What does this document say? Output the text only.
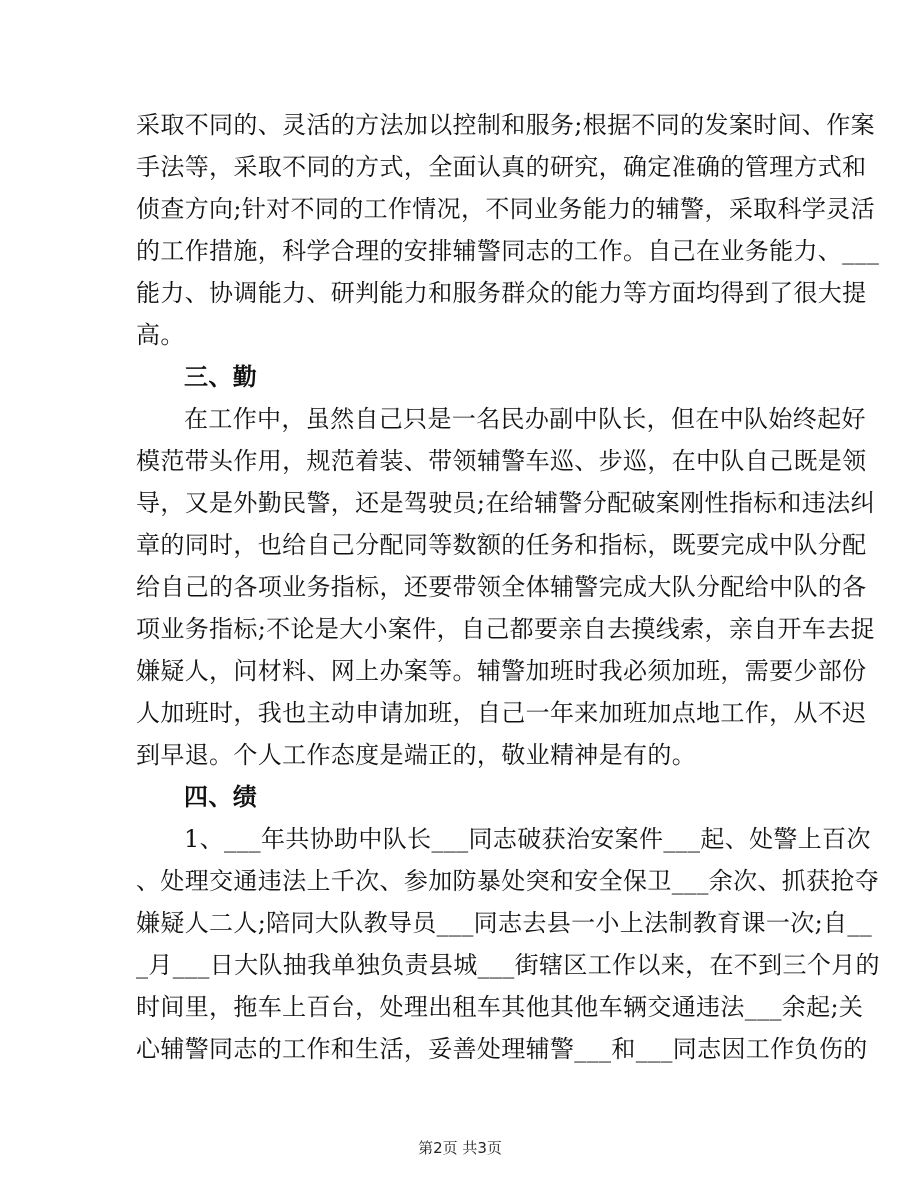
采取不同的、灵活的方法加以控制和服务;根据不同的发案时间、作案
手法等，采取不同的方式，全面认真的研究，确定准确的管理方式和
侦查方向;针对不同的工作情况，不同业务能力的辅警，采取科学灵活
的工作措施，科学合理的安排辅警同志的工作。自己在业务能力、___
能力、协调能力、研判能力和服务群众的能力等方面均得到了很大提
高。
三、勤
在工作中，虽然自己只是一名民办副中队长，但在中队始终起好
模范带头作用，规范着装、带领辅警车巡、步巡，在中队自己既是领
导，又是外勤民警，还是驾驶员;在给辅警分配破案刚性指标和违法纠
章的同时，也给自己分配同等数额的任务和指标，既要完成中队分配
给自己的各项业务指标，还要带领全体辅警完成大队分配给中队的各
项业务指标;不论是大小案件，自己都要亲自去摸线索，亲自开车去捉
嫌疑人，问材料、网上办案等。辅警加班时我必须加班，需要少部份
人加班时，我也主动申请加班，自己一年来加班加点地工作，从不迟
到早退。个人工作态度是端正的，敬业精神是有的。
四、绩
1、___年共协助中队长___同志破获治安案件___起、处警上百次
、处理交通违法上千次、参加防暴处突和安全保卫___余次、抓获抢夺
嫌疑人二人;陪同大队教导员___同志去县一小上法制教育课一次;自__
_月___日大队抽我单独负责县城___街辖区工作以来，在不到三个月的
时间里，拖车上百台，处理出租车其他其他车辆交通违法___余起;关
心辅警同志的工作和生活，妥善处理辅警___和___同志因工作负伤的
第2页 共3页
